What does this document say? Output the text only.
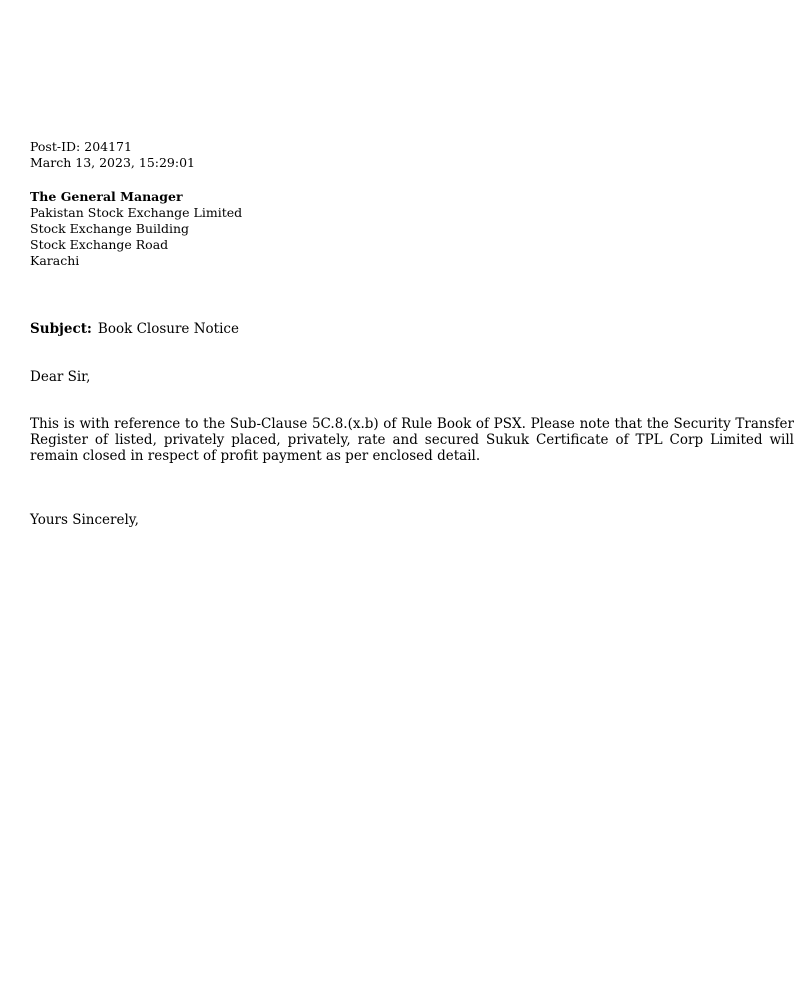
Post-ID: 204171
March 13, 2023, 15:29:01
The General Manager
Pakistan Stock Exchange Limited
Stock Exchange Building
Stock Exchange Road
Karachi
Subject: Book Closure Notice
Dear Sir,
This is with reference to the Sub-Clause 5C.8.(x.b) of Rule Book of PSX. Please note that the Security Transfer Register of listed, privately placed, privately, rate and secured Sukuk Certificate of TPL Corp Limited will remain closed in respect of profit payment as per enclosed detail.
Yours Sincerely,
